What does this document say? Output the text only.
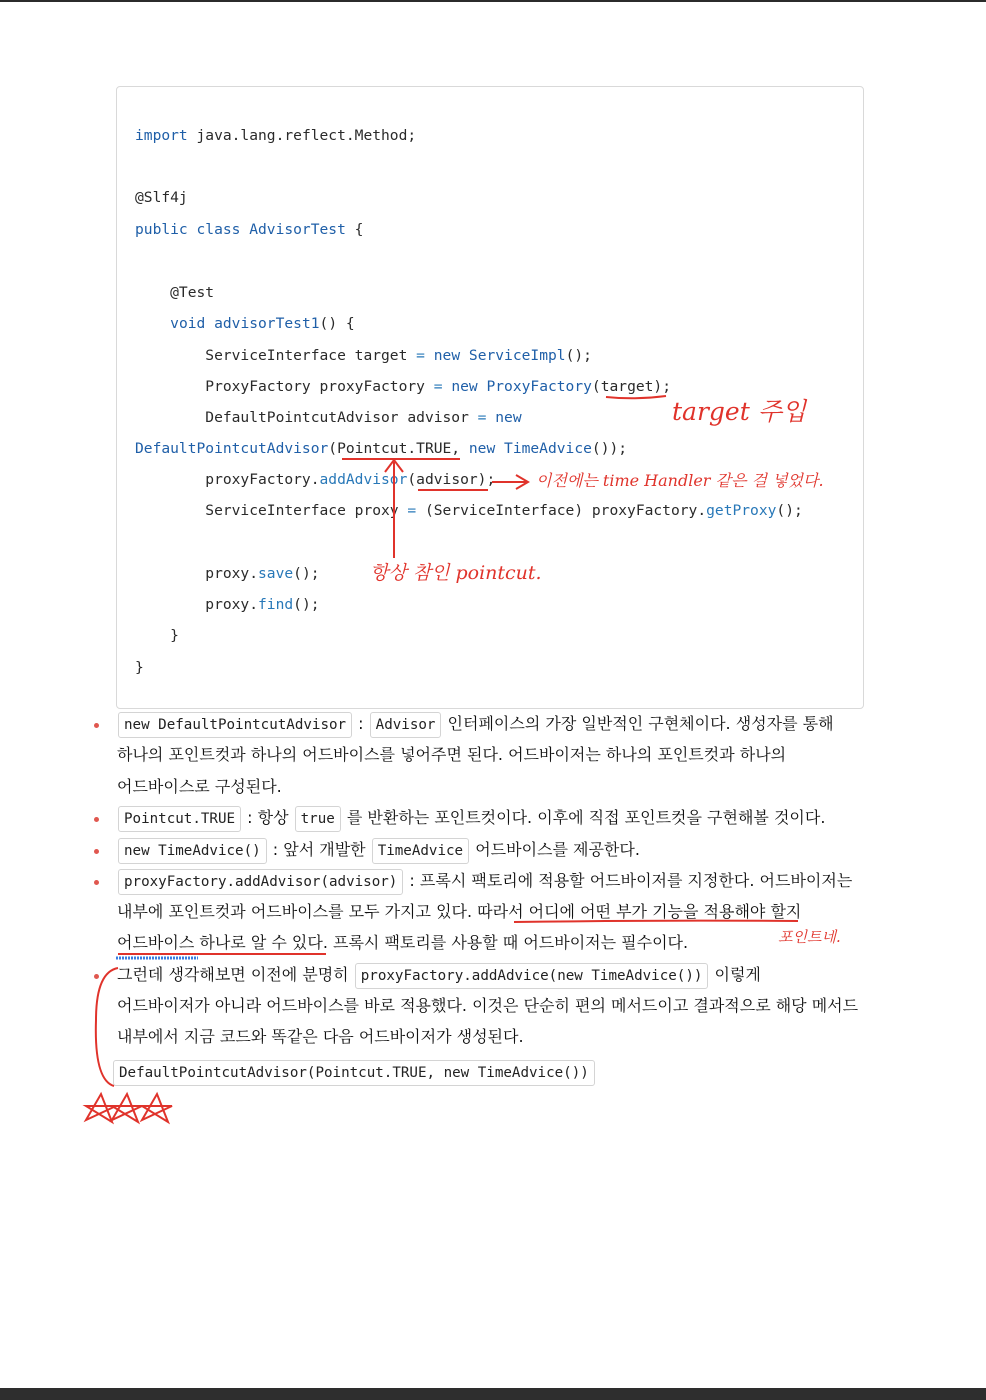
import java.lang.reflect.Method;
@Slf4j
public class AdvisorTest {
@Test
void advisorTest1() {
ServiceInterface target = new ServiceImpl();
ProxyFactory proxyFactory = new ProxyFactory(target);
DefaultPointcutAdvisor advisor = new
DefaultPointcutAdvisor(Pointcut.TRUE, new TimeAdvice());
proxyFactory.addAdvisor(advisor);
ServiceInterface proxy = (ServiceInterface) proxyFactory.getProxy();
proxy.save();
proxy.find();
}
}
new DefaultPointcutAdvisor : Advisor 인터페이스의 가장 일반적인 구현체이다. 생성자를 통해
하나의 포인트컷과 하나의 어드바이스를 넣어주면 된다. 어드바이저는 하나의 포인트컷과 하나의
어드바이스로 구성된다.
Pointcut.TRUE : 항상 true 를 반환하는 포인트컷이다. 이후에 직접 포인트컷을 구현해볼 것이다.
new TimeAdvice() : 앞서 개발한 TimeAdvice 어드바이스를 제공한다.
proxyFactory.addAdvisor(advisor) : 프록시 팩토리에 적용할 어드바이저를 지정한다. 어드바이저는
내부에 포인트컷과 어드바이스를 모두 가지고 있다. 따라서 어디에 어떤 부가 기능을 적용해야 할지
어드바이스 하나로 알 수 있다. 프록시 팩토리를 사용할 때 어드바이저는 필수이다.
그런데 생각해보면 이전에 분명히 proxyFactory.addAdvice(new TimeAdvice()) 이렇게
어드바이저가 아니라 어드바이스를 바로 적용했다. 이것은 단순히 편의 메서드이고 결과적으로 해당 메서드
내부에서 지금 코드와 똑같은 다음 어드바이저가 생성된다.
DefaultPointcutAdvisor(Pointcut.TRUE, new TimeAdvice())
target 주입
이전에는 time Handler 같은 걸 넣었다.
항상 참인 pointcut.
포인트네.
